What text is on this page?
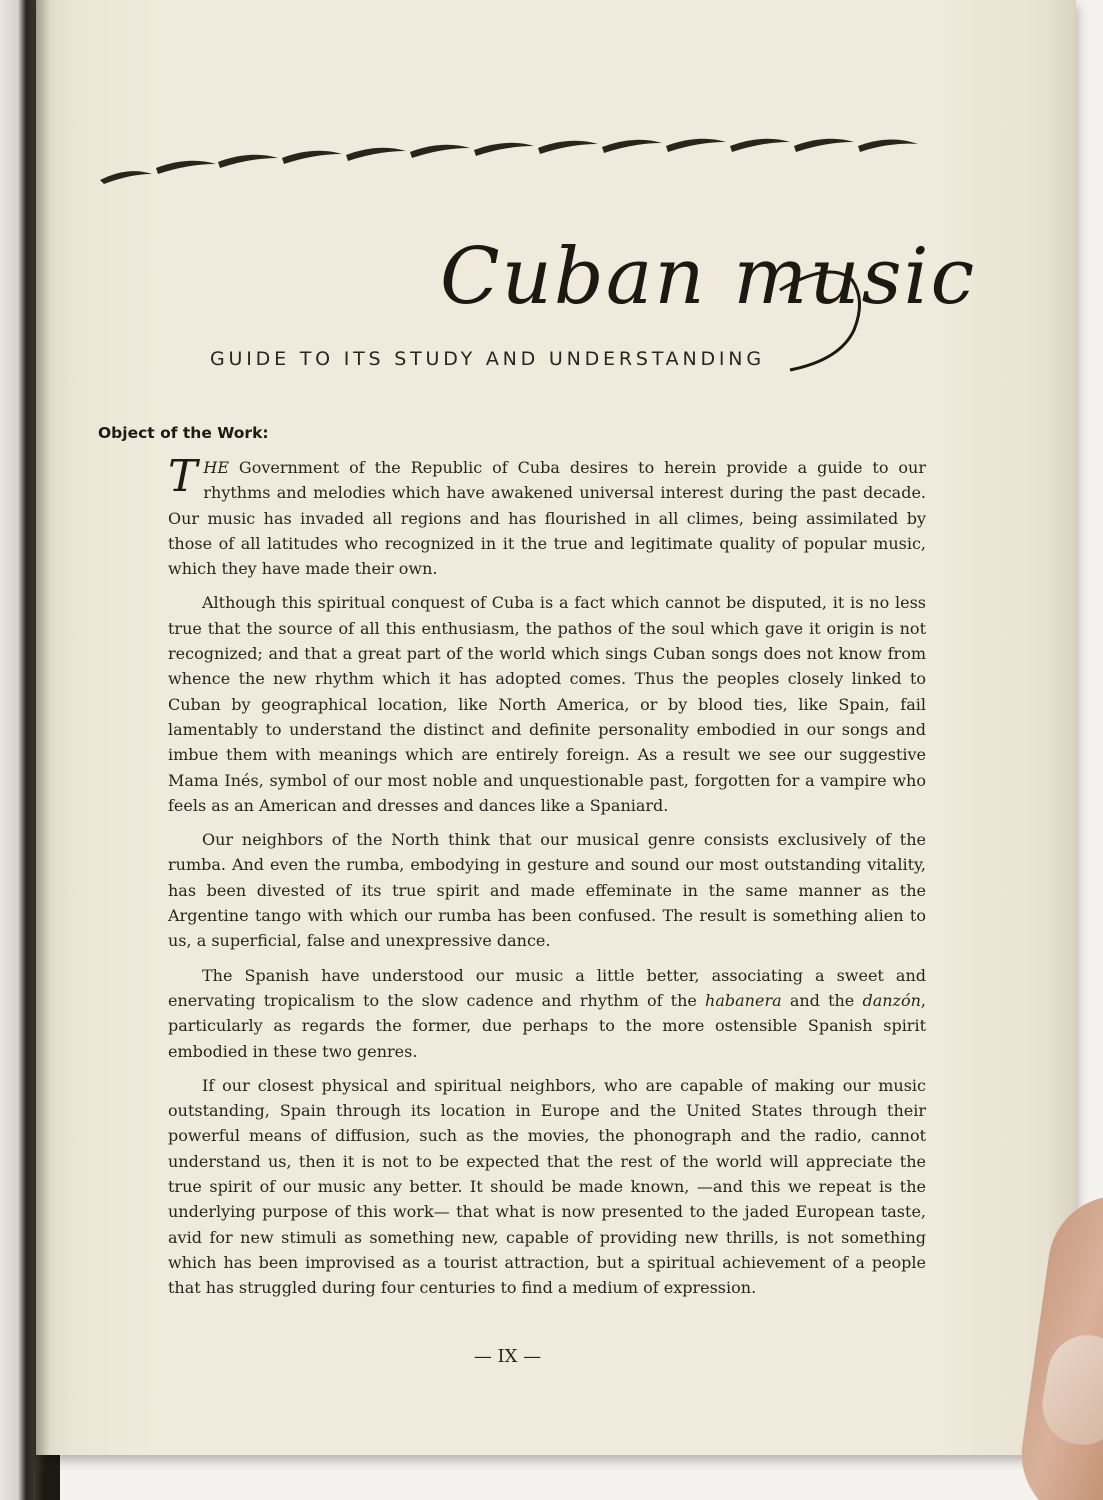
Cuban music
GUIDE TO ITS STUDY AND UNDERSTANDING
Object of the Work:

THE Government of the Republic of Cuba desires to herein provide a guide to our rhythms and melodies which have awakened universal interest during the past decade. Our music has invaded all regions and has flourished in all climes, being assimilated by those of all latitudes who recognized in it the true and legitimate quality of popular music, which they have made their own.

Although this spiritual conquest of Cuba is a fact which cannot be disputed, it is no less true that the source of all this enthusiasm, the pathos of the soul which gave it origin is not recognized; and that a great part of the world which sings Cuban songs does not know from whence the new rhythm which it has adopted comes. Thus the peoples closely linked to Cuban by geographical location, like North America, or by blood ties, like Spain, fail lamentably to understand the distinct and definite personality embodied in our songs and imbue them with meanings which are entirely foreign. As a result we see our suggestive Mama Inés, symbol of our most noble and unquestionable past, forgotten for a vampire who feels as an American and dresses and dances like a Spaniard.

Our neighbors of the North think that our musical genre consists exclusively of the rumba. And even the rumba, embodying in gesture and sound our most outstanding vitality, has been divested of its true spirit and made effeminate in the same manner as the Argentine tango with which our rumba has been confused. The result is something alien to us, a superficial, false and unexpressive dance.

The Spanish have understood our music a little better, associating a sweet and enervating tropicalism to the slow cadence and rhythm of the habanera and the danzón, particularly as regards the former, due perhaps to the more ostensible Spanish spirit embodied in these two genres.

If our closest physical and spiritual neighbors, who are capable of making our music outstanding, Spain through its location in Europe and the United States through their powerful means of diffusion, such as the movies, the phonograph and the radio, cannot understand us, then it is not to be expected that the rest of the world will appreciate the true spirit of our music any better. It should be made known, —and this we repeat is the underlying purpose of this work— that what is now presented to the jaded European taste, avid for new stimuli as something new, capable of providing new thrills, is not something which has been improvised as a tourist attraction, but a spiritual achievement of a people that has struggled during four centuries to find a medium of expression.

— IX —
